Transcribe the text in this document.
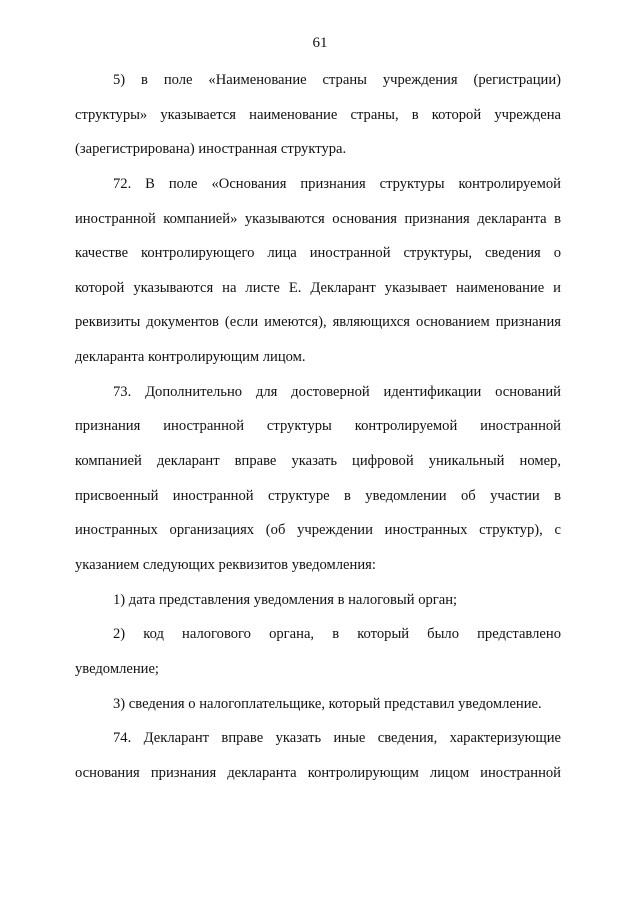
61
5) в поле «Наименование страны учреждения (регистрации)
структуры» указывается наименование страны, в которой учреждена
(зарегистрирована) иностранная структура.
72. В поле «Основания признания структуры контролируемой
иностранной компанией» указываются основания признания декларанта в
качестве контролирующего лица иностранной структуры, сведения о
которой указываются на листе Е. Декларант указывает наименование и
реквизиты документов (если имеются), являющихся основанием признания
декларанта контролирующим лицом.
73. Дополнительно для достоверной идентификации оснований
признания иностранной структуры контролируемой иностранной
компанией декларант вправе указать цифровой уникальный номер,
присвоенный иностранной структуре в уведомлении об участии в
иностранных организациях (об учреждении иностранных структур), с
указанием следующих реквизитов уведомления:
1) дата представления уведомления в налоговый орган;
2) код налогового органа, в который было представлено
уведомление;
3) сведения о налогоплательщике, который представил уведомление.
74. Декларант вправе указать иные сведения, характеризующие
основания признания декларанта контролирующим лицом иностранной
